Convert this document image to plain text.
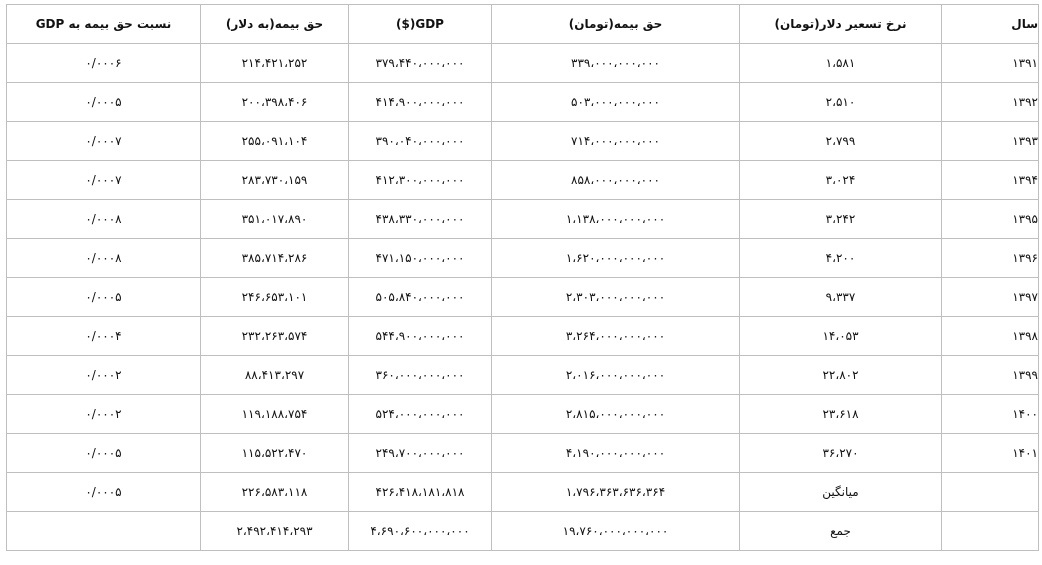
سال	نرخ تسعیر دلار(تومان)	حق بیمه(تومان)	GDP($)	حق بیمه(به دلار)	نسبت حق بیمه به GDP
۱۳۹۱	۱،۵۸۱	۳۳۹،۰۰۰،۰۰۰،۰۰۰	۳۷۹،۴۴۰،۰۰۰،۰۰۰	۲۱۴،۴۲۱،۲۵۲	۰/۰۰۰۶
۱۳۹۲	۲،۵۱۰	۵۰۳،۰۰۰،۰۰۰،۰۰۰	۴۱۴،۹۰۰،۰۰۰،۰۰۰	۲۰۰،۳۹۸،۴۰۶	۰/۰۰۰۵
۱۳۹۳	۲،۷۹۹	۷۱۴،۰۰۰،۰۰۰،۰۰۰	۳۹۰،۰۴۰،۰۰۰،۰۰۰	۲۵۵،۰۹۱،۱۰۴	۰/۰۰۰۷
۱۳۹۴	۳،۰۲۴	۸۵۸،۰۰۰،۰۰۰،۰۰۰	۴۱۲،۳۰۰،۰۰۰،۰۰۰	۲۸۳،۷۳۰،۱۵۹	۰/۰۰۰۷
۱۳۹۵	۳،۲۴۲	۱،۱۳۸،۰۰۰،۰۰۰،۰۰۰	۴۳۸،۳۳۰،۰۰۰،۰۰۰	۳۵۱،۰۱۷،۸۹۰	۰/۰۰۰۸
۱۳۹۶	۴،۲۰۰	۱،۶۲۰،۰۰۰،۰۰۰،۰۰۰	۴۷۱،۱۵۰،۰۰۰،۰۰۰	۳۸۵،۷۱۴،۲۸۶	۰/۰۰۰۸
۱۳۹۷	۹،۳۳۷	۲،۳۰۳،۰۰۰،۰۰۰،۰۰۰	۵۰۵،۸۴۰،۰۰۰،۰۰۰	۲۴۶،۶۵۳،۱۰۱	۰/۰۰۰۵
۱۳۹۸	۱۴،۰۵۳	۳،۲۶۴،۰۰۰،۰۰۰،۰۰۰	۵۴۴،۹۰۰،۰۰۰،۰۰۰	۲۳۲،۲۶۳،۵۷۴	۰/۰۰۰۴
۱۳۹۹	۲۲،۸۰۲	۲،۰۱۶،۰۰۰،۰۰۰،۰۰۰	۳۶۰،۰۰۰،۰۰۰،۰۰۰	۸۸،۴۱۳،۲۹۷	۰/۰۰۰۲
۱۴۰۰	۲۳،۶۱۸	۲،۸۱۵،۰۰۰،۰۰۰،۰۰۰	۵۲۴،۰۰۰،۰۰۰،۰۰۰	۱۱۹،۱۸۸،۷۵۴	۰/۰۰۰۲
۱۴۰۱	۳۶،۲۷۰	۴،۱۹۰،۰۰۰،۰۰۰،۰۰۰	۲۴۹،۷۰۰،۰۰۰،۰۰۰	۱۱۵،۵۲۲،۴۷۰	۰/۰۰۰۵
	میانگین	۱،۷۹۶،۳۶۳،۶۳۶،۳۶۴	۴۲۶،۴۱۸،۱۸۱،۸۱۸	۲۲۶،۵۸۳،۱۱۸	۰/۰۰۰۵
	جمع	۱۹،۷۶۰،۰۰۰،۰۰۰،۰۰۰	۴،۶۹۰،۶۰۰،۰۰۰،۰۰۰	۲،۴۹۲،۴۱۴،۲۹۳	
